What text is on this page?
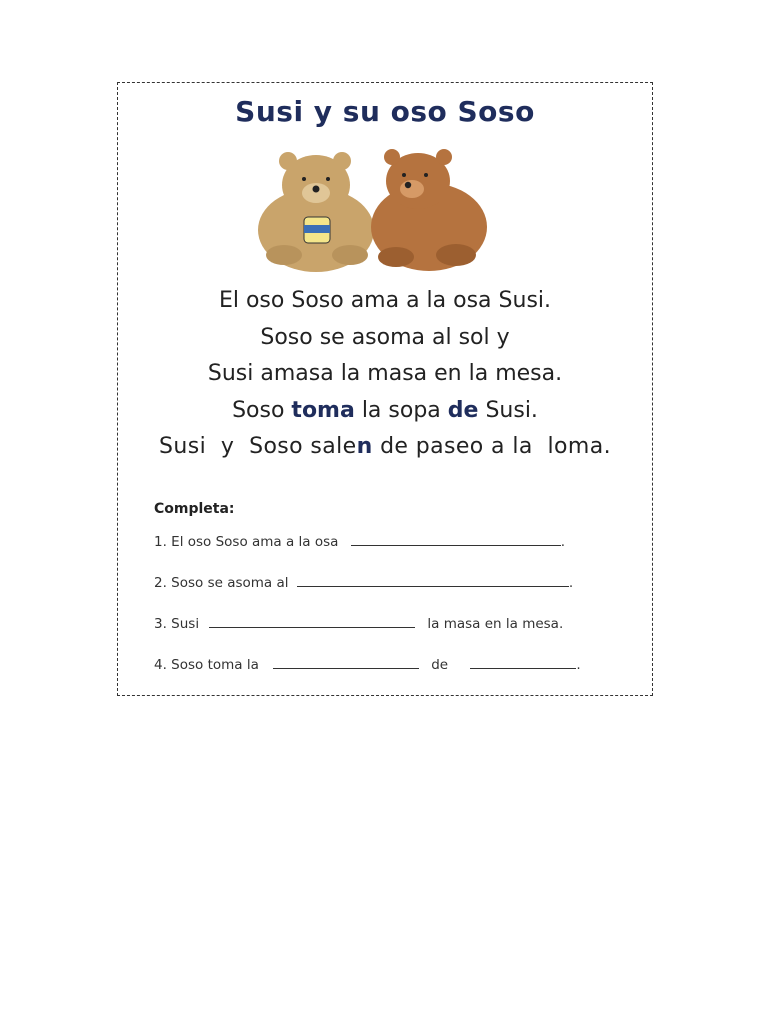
Susi y su oso Soso
El oso Soso ama a la osa Susi.
Soso se asoma al sol y
Susi amasa la masa en la mesa.
Soso toma la sopa de Susi.
Susi  y  Soso salen de paseo a la  loma.
Completa:
1. El oso Soso ama a la osa	.
2. Soso se asoma al	.
3. Susi	la masa en la mesa.
4. Soso toma la	de	.
